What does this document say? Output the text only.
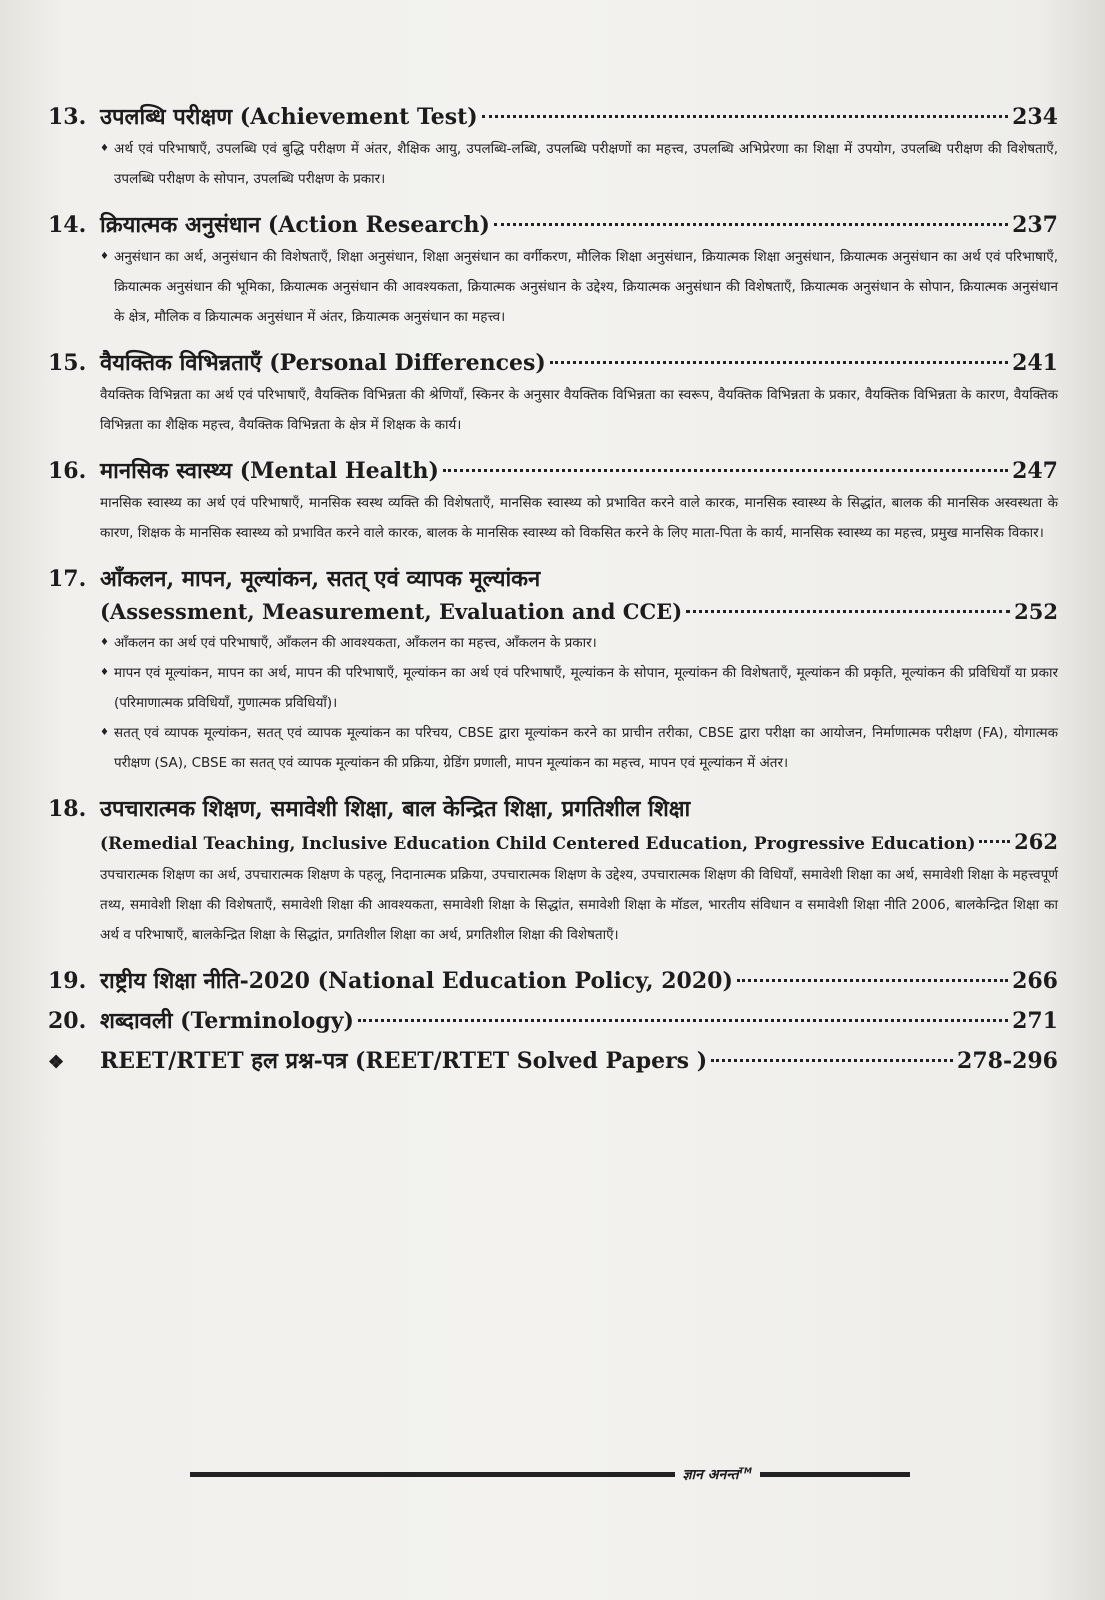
13. उपलब्धि परीक्षण (Achievement Test)	234
♦ अर्थ एवं परिभाषाएँ, उपलब्धि एवं बुद्धि परीक्षण में अंतर, शैक्षिक आयु, उपलब्धि-लब्धि, उपलब्धि परीक्षणों का महत्त्व, उपलब्धि अभिप्रेरणा का शिक्षा में उपयोग, उपलब्धि परीक्षण की विशेषताएँ, उपलब्धि परीक्षण के सोपान, उपलब्धि परीक्षण के प्रकार।
14. क्रियात्मक अनुसंधान (Action Research)	237
♦ अनुसंधान का अर्थ, अनुसंधान की विशेषताएँ, शिक्षा अनुसंधान, शिक्षा अनुसंधान का वर्गीकरण, मौलिक शिक्षा अनुसंधान, क्रियात्मक शिक्षा अनुसंधान, क्रियात्मक अनुसंधान का अर्थ एवं परिभाषाएँ, क्रियात्मक अनुसंधान की भूमिका, क्रियात्मक अनुसंधान की आवश्यकता, क्रियात्मक अनुसंधान के उद्देश्य, क्रियात्मक अनुसंधान की विशेषताएँ, क्रियात्मक अनुसंधान के सोपान, क्रियात्मक अनुसंधान के क्षेत्र, मौलिक व क्रियात्मक अनुसंधान में अंतर, क्रियात्मक अनुसंधान का महत्त्व।
15. वैयक्तिक विभिन्नताएँ (Personal Differences)	241
वैयक्तिक विभिन्नता का अर्थ एवं परिभाषाएँ, वैयक्तिक विभिन्नता की श्रेणियाँ, स्किनर के अनुसार वैयक्तिक विभिन्नता का स्वरूप, वैयक्तिक विभिन्नता के प्रकार, वैयक्तिक विभिन्नता के कारण, वैयक्तिक विभिन्नता का शैक्षिक महत्त्व, वैयक्तिक विभिन्नता के क्षेत्र में शिक्षक के कार्य।
16. मानसिक स्वास्थ्य (Mental Health)	247
मानसिक स्वास्थ्य का अर्थ एवं परिभाषाएँ, मानसिक स्वस्थ व्यक्ति की विशेषताएँ, मानसिक स्वास्थ्य को प्रभावित करने वाले कारक, मानसिक स्वास्थ्य के सिद्धांत, बालक की मानसिक अस्वस्थता के कारण, शिक्षक के मानसिक स्वास्थ्य को प्रभावित करने वाले कारक, बालक के मानसिक स्वास्थ्य को विकसित करने के लिए माता-पिता के कार्य, मानसिक स्वास्थ्य का महत्त्व, प्रमुख मानसिक विकार।
17. आँकलन, मापन, मूल्यांकन, सतत् एवं व्यापक मूल्यांकन
(Assessment, Measurement, Evaluation and CCE)	252
♦ आँकलन का अर्थ एवं परिभाषाएँ, आँकलन की आवश्यकता, आँकलन का महत्त्व, आँकलन के प्रकार।
♦ मापन एवं मूल्यांकन, मापन का अर्थ, मापन की परिभाषाएँ, मूल्यांकन का अर्थ एवं परिभाषाएँ, मूल्यांकन के सोपान, मूल्यांकन की विशेषताएँ, मूल्यांकन की प्रकृति, मूल्यांकन की प्रविधियाँ या प्रकार (परिमाणात्मक प्रविधियाँ, गुणात्मक प्रविधियाँ)।
♦ सतत् एवं व्यापक मूल्यांकन, सतत् एवं व्यापक मूल्यांकन का परिचय, CBSE द्वारा मूल्यांकन करने का प्राचीन तरीका, CBSE द्वारा परीक्षा का आयोजन, निर्माणात्मक परीक्षण (FA), योगात्मक परीक्षण (SA), CBSE का सतत् एवं व्यापक मूल्यांकन की प्रक्रिया, ग्रेडिंग प्रणाली, मापन मूल्यांकन का महत्त्व, मापन एवं मूल्यांकन में अंतर।
18. उपचारात्मक शिक्षण, समावेशी शिक्षा, बाल केन्द्रित शिक्षा, प्रगतिशील शिक्षा
(Remedial Teaching, Inclusive Education Child Centered Education, Progressive Education) 262
उपचारात्मक शिक्षण का अर्थ, उपचारात्मक शिक्षण के पहलू, निदानात्मक प्रक्रिया, उपचारात्मक शिक्षण के उद्देश्य, उपचारात्मक शिक्षण की विधियाँ, समावेशी शिक्षा का अर्थ, समावेशी शिक्षा के महत्त्वपूर्ण तथ्य, समावेशी शिक्षा की विशेषताएँ, समावेशी शिक्षा की आवश्यकता, समावेशी शिक्षा के सिद्धांत, समावेशी शिक्षा के मॉडल, भारतीय संविधान व समावेशी शिक्षा नीति 2006, बालकेन्द्रित शिक्षा का अर्थ व परिभाषाएँ, बालकेन्द्रित शिक्षा के सिद्धांत, प्रगतिशील शिक्षा का अर्थ, प्रगतिशील शिक्षा की विशेषताएँ।
19. राष्ट्रीय शिक्षा नीति-2020 (National Education Policy, 2020)	266
20. शब्दावली (Terminology)	271
❖	REET/RTET हल प्रश्न-पत्र (REET/RTET Solved Papers )	278-296
ज्ञान अनन्त™
